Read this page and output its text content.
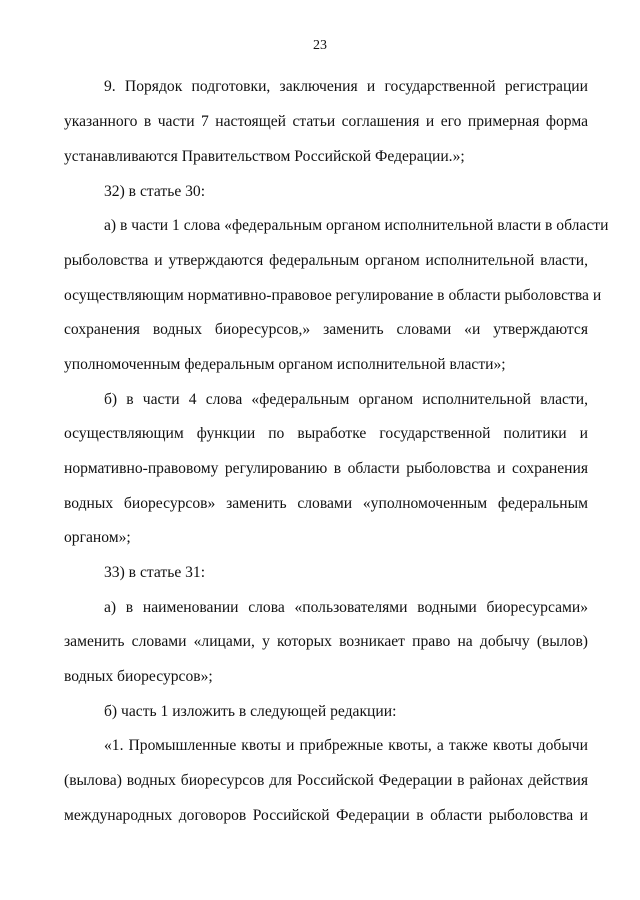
23
9. Порядок подготовки, заключения и государственной регистрации
указанного в части 7 настоящей статьи соглашения и его примерная форма
устанавливаются Правительством Российской Федерации.»;
32) в статье 30:
а) в части 1 слова «федеральным органом исполнительной власти в области
рыболовства и утверждаются федеральным органом исполнительной власти,
осуществляющим нормативно-правовое регулирование в области рыболовства и
сохранения водных биоресурсов,» заменить словами «и утверждаются
уполномоченным федеральным органом исполнительной власти»;
б) в части 4 слова «федеральным органом исполнительной власти,
осуществляющим функции по выработке государственной политики и
нормативно-правовому регулированию в области рыболовства и сохранения
водных биоресурсов» заменить словами «уполномоченным федеральным
органом»;
33) в статье 31:
а) в наименовании слова «пользователями водными биоресурсами»
заменить словами «лицами, у которых возникает право на добычу (вылов)
водных биоресурсов»;
б) часть 1 изложить в следующей редакции:
«1. Промышленные квоты и прибрежные квоты, а также квоты добычи
(вылова) водных биоресурсов для Российской Федерации в районах действия
международных договоров Российской Федерации в области рыболовства и
